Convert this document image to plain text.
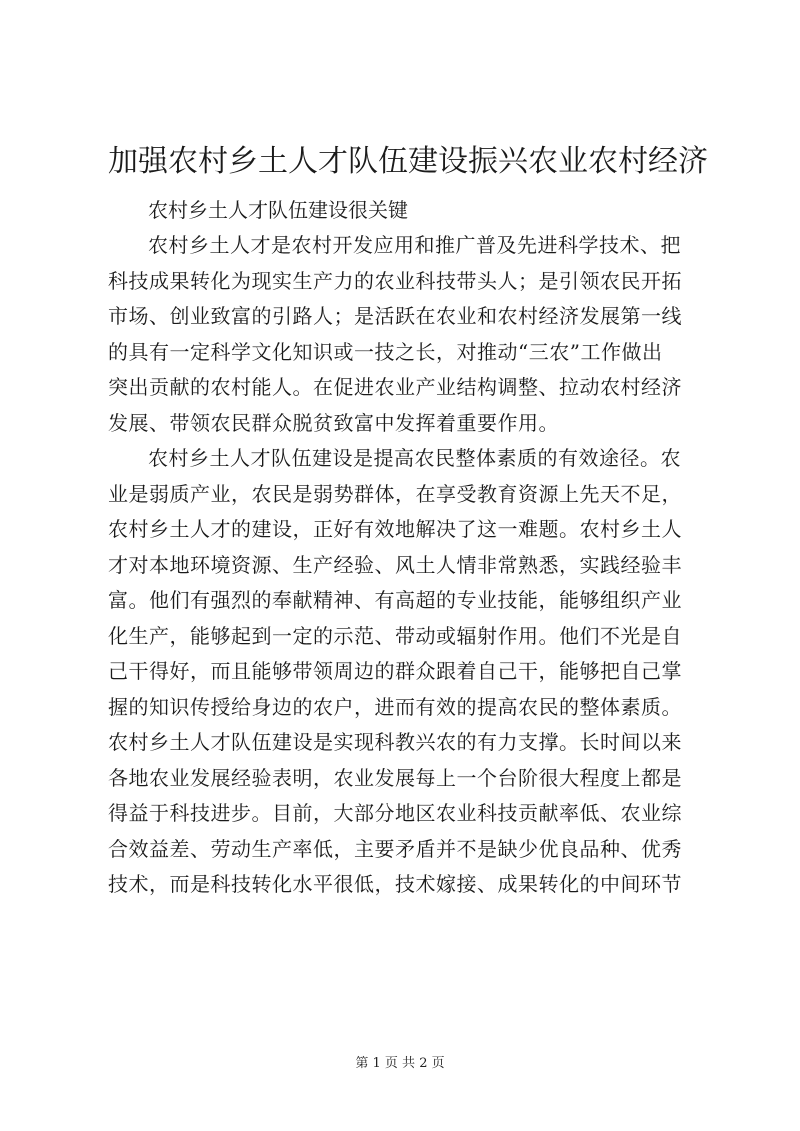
加强农村乡土人才队伍建设振兴农业农村经济
农村乡土人才队伍建设很关键
农村乡土人才是农村开发应用和推广普及先进科学技术、把
科技成果转化为现实生产力的农业科技带头人；是引领农民开拓
市场、创业致富的引路人；是活跃在农业和农村经济发展第一线
的具有一定科学文化知识或一技之长，对推动“三农”工作做出
突出贡献的农村能人。在促进农业产业结构调整、拉动农村经济
发展、带领农民群众脱贫致富中发挥着重要作用。
农村乡土人才队伍建设是提高农民整体素质的有效途径。农
业是弱质产业，农民是弱势群体，在享受教育资源上先天不足，
农村乡土人才的建设，正好有效地解决了这一难题。农村乡土人
才对本地环境资源、生产经验、风土人情非常熟悉，实践经验丰
富。他们有强烈的奉献精神、有高超的专业技能，能够组织产业
化生产，能够起到一定的示范、带动或辐射作用。他们不光是自
己干得好，而且能够带领周边的群众跟着自己干，能够把自己掌
握的知识传授给身边的农户，进而有效的提高农民的整体素质。
农村乡土人才队伍建设是实现科教兴农的有力支撑。长时间以来
各地农业发展经验表明，农业发展每上一个台阶很大程度上都是
得益于科技进步。目前，大部分地区农业科技贡献率低、农业综
合效益差、劳动生产率低，主要矛盾并不是缺少优良品种、优秀
技术，而是科技转化水平很低，技术嫁接、成果转化的中间环节
第 1 页 共 2 页
